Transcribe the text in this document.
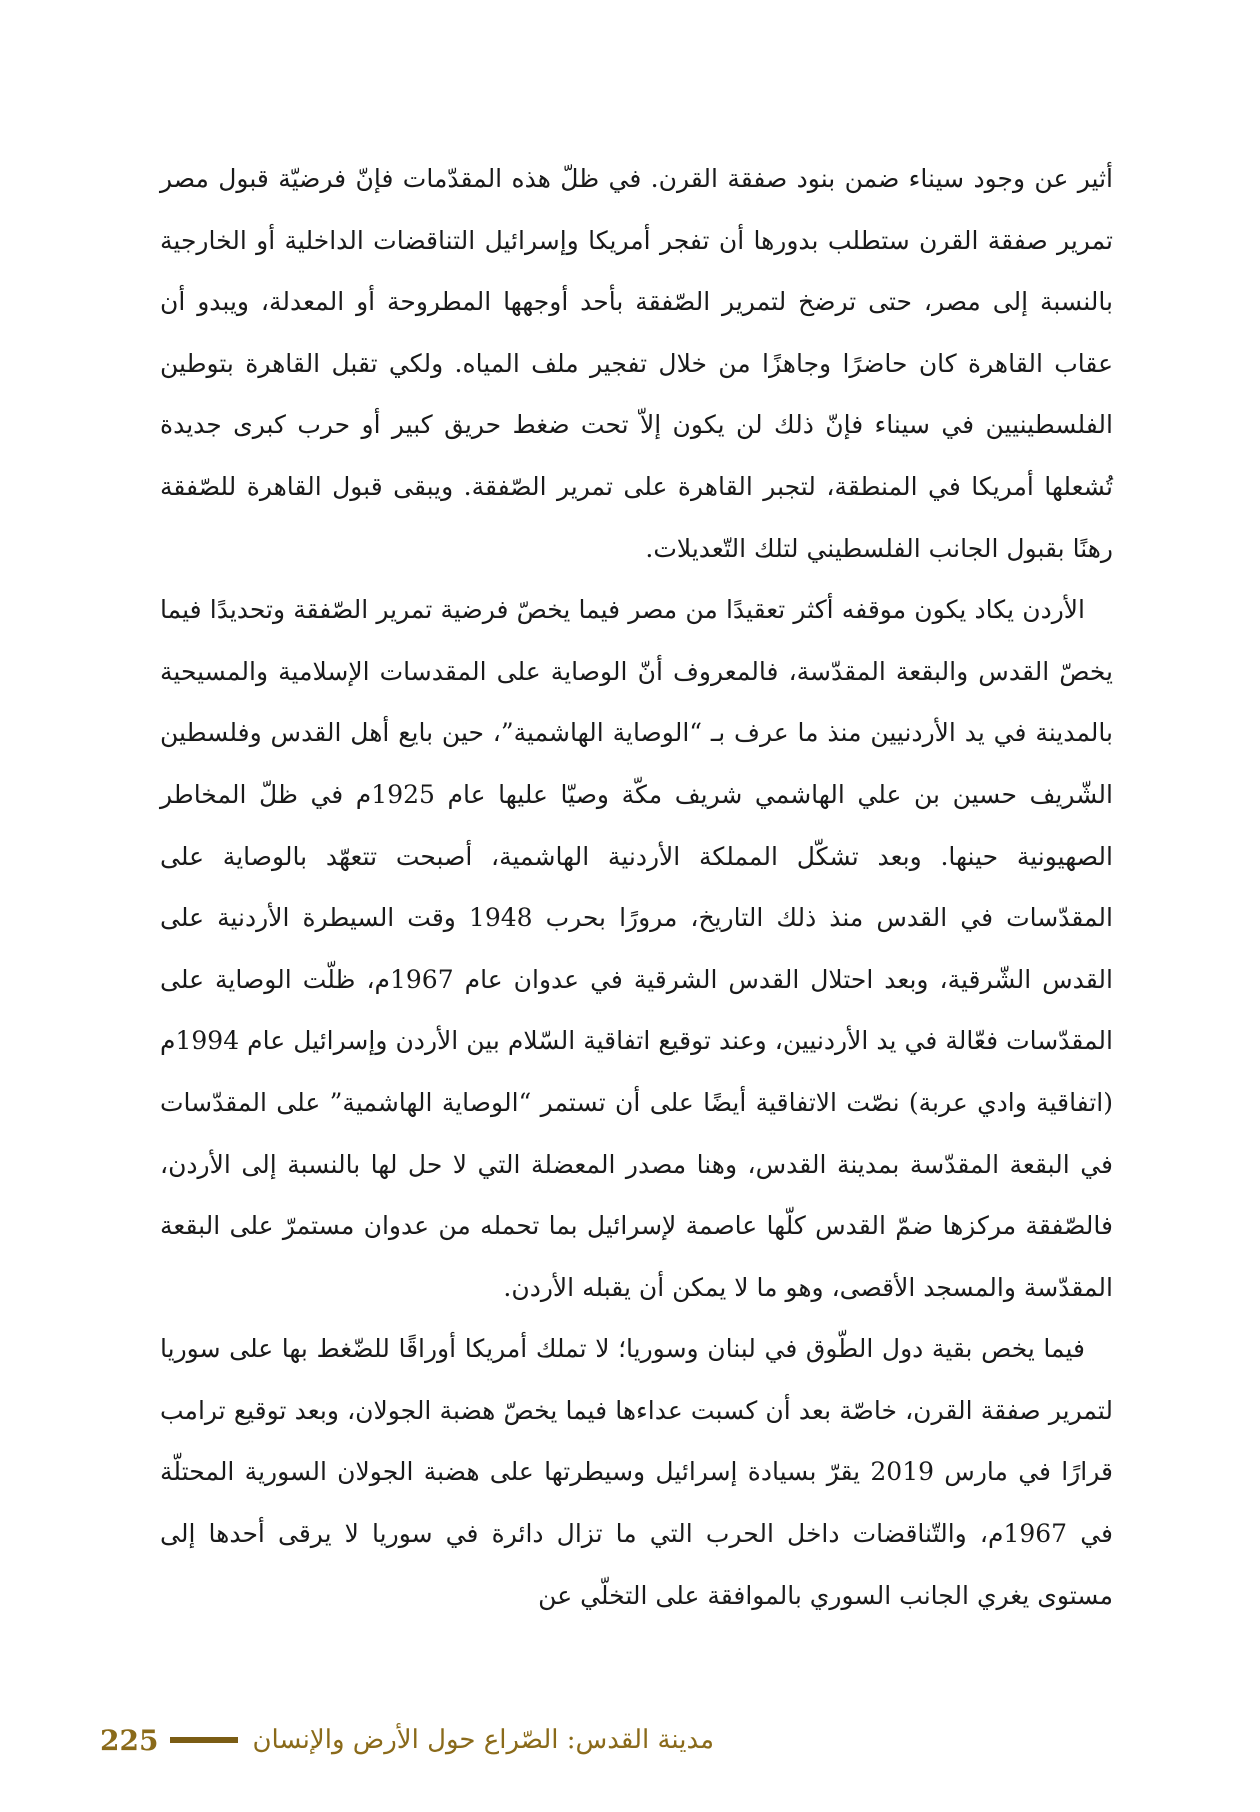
أثير عن وجود سيناء ضمن بنود صفقة القرن. في ظلّ هذه المقدّمات فإنّ فرضيّة قبول مصر تمرير صفقة القرن ستطلب بدورها أن تفجر أمريكا وإسرائيل التناقضات الداخلية أو الخارجية بالنسبة إلى مصر، حتى ترضخ لتمرير الصّفقة بأحد أوجهها المطروحة أو المعدلة، ويبدو أن عقاب القاهرة كان حاضرًا وجاهزًا من خلال تفجير ملف المياه. ولكي تقبل القاهرة بتوطين الفلسطينيين في سيناء فإنّ ذلك لن يكون إلاّ تحت ضغط حريق كبير أو حرب كبرى جديدة تُشعلها أمريكا في المنطقة، لتجبر القاهرة على تمرير الصّفقة. ويبقى قبول القاهرة للصّفقة رهنًا بقبول الجانب الفلسطيني لتلك التّعديلات.

الأردن يكاد يكون موقفه أكثر تعقيدًا من مصر فيما يخصّ فرضية تمرير الصّفقة وتحديدًا فيما يخصّ القدس والبقعة المقدّسة، فالمعروف أنّ الوصاية على المقدسات الإسلامية والمسيحية بالمدينة في يد الأردنيين منذ ما عرف بـ “الوصاية الهاشمية”، حين بايع أهل القدس وفلسطين الشّريف حسين بن علي الهاشمي شريف مكّة وصيّا عليها عام 1925م في ظلّ المخاطر الصهيونية حينها. وبعد تشكّل المملكة الأردنية الهاشمية، أصبحت تتعهّد بالوصاية على المقدّسات في القدس منذ ذلك التاريخ، مرورًا بحرب 1948 وقت السيطرة الأردنية على القدس الشّرقية، وبعد احتلال القدس الشرقية في عدوان عام 1967م، ظلّت الوصاية على المقدّسات فعّالة في يد الأردنيين، وعند توقيع اتفاقية السّلام بين الأردن وإسرائيل عام 1994م (اتفاقية وادي عربة) نصّت الاتفاقية أيضًا على أن تستمر “الوصاية الهاشمية” على المقدّسات في البقعة المقدّسة بمدينة القدس، وهنا مصدر المعضلة التي لا حل لها بالنسبة إلى الأردن، فالصّفقة مركزها ضمّ القدس كلّها عاصمة لإسرائيل بما تحمله من عدوان مستمرّ على البقعة المقدّسة والمسجد الأقصى، وهو ما لا يمكن أن يقبله الأردن.

فيما يخص بقية دول الطّوق في لبنان وسوريا؛ لا تملك أمريكا أوراقًا للضّغط بها على سوريا لتمرير صفقة القرن، خاصّة بعد أن كسبت عداءها فيما يخصّ هضبة الجولان، وبعد توقيع ترامب قرارًا في مارس 2019 يقرّ بسيادة إسرائيل وسيطرتها على هضبة الجولان السورية المحتلّة في 1967م، والتّناقضات داخل الحرب التي ما تزال دائرة في سوريا لا يرقى أحدها إلى مستوى يغري الجانب السوري بالموافقة على التخلّي عن

225	مدينة القدس: الصّراع حول الأرض والإنسان
